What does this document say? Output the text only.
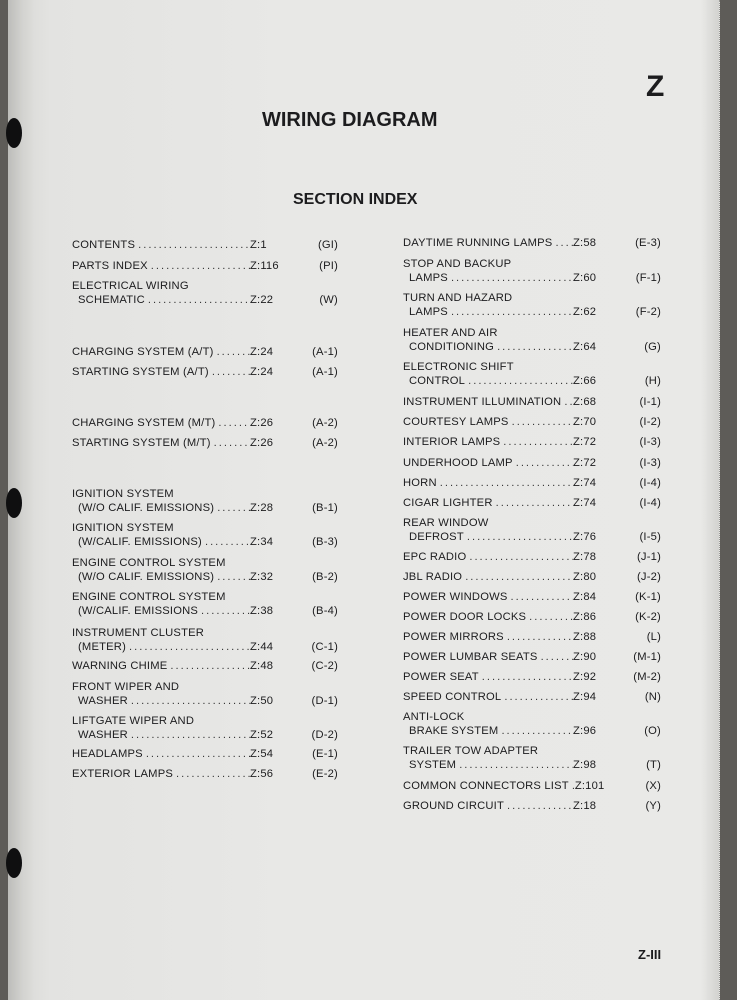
Z
WIRING DIAGRAM
SECTION INDEX
CONTENTS .....	Z:1	(GI)
PARTS INDEX .....	Z:116	(PI)
ELECTRICAL WIRING
SCHEMATIC .....	Z:22	(W)
CHARGING SYSTEM (A/T) .....	Z:24	(A-1)
STARTING SYSTEM (A/T) .....	Z:24	(A-1)
CHARGING SYSTEM (M/T) .....	Z:26	(A-2)
STARTING SYSTEM (M/T) .....	Z:26	(A-2)
IGNITION SYSTEM
(W/O CALIF. EMISSIONS) .....	Z:28	(B-1)
IGNITION SYSTEM
(W/CALIF. EMISSIONS) .....	Z:34	(B-3)
ENGINE CONTROL SYSTEM
(W/O CALIF. EMISSIONS) .....	Z:32	(B-2)
ENGINE CONTROL SYSTEM
(W/CALIF. EMISSIONS .....	Z:38	(B-4)
INSTRUMENT CLUSTER
(METER) .....	Z:44	(C-1)
WARNING CHIME .....	Z:48	(C-2)
FRONT WIPER AND
WASHER .....	Z:50	(D-1)
LIFTGATE WIPER AND
WASHER .....	Z:52	(D-2)
HEADLAMPS .....	Z:54	(E-1)
EXTERIOR LAMPS .....	Z:56	(E-2)
DAYTIME RUNNING LAMPS ..... Z:58	(E-3)
STOP AND BACKUP
LAMPS .....	Z:60	(F-1)
TURN AND HAZARD
LAMPS .....	Z:62	(F-2)
HEATER AND AIR
CONDITIONING .....	Z:64	(G)
ELECTRONIC SHIFT
CONTROL .....	Z:66	(H)
INSTRUMENT ILLUMINATION ..... Z:68	(I-1)
COURTESY LAMPS .....	Z:70	(I-2)
INTERIOR LAMPS .....	Z:72	(I-3)
UNDERHOOD LAMP .....	Z:72	(I-3)
HORN .....	Z:74	(I-4)
CIGAR LIGHTER .....	Z:74	(I-4)
REAR WINDOW
DEFROST .....	Z:76	(I-5)
EPC RADIO .....	Z:78	(J-1)
JBL RADIO .....	Z:80	(J-2)
POWER WINDOWS .....	Z:84	(K-1)
POWER DOOR LOCKS .....	Z:86	(K-2)
POWER MIRRORS .....	Z:88	(L)
POWER LUMBAR SEATS .....	Z:90	(M-1)
POWER SEAT .....	Z:92	(M-2)
SPEED CONTROL .....	Z:94	(N)
ANTI-LOCK
BRAKE SYSTEM .....	Z:96	(O)
TRAILER TOW ADAPTER
SYSTEM .....	Z:98	(T)
COMMON CONNECTORS LIST ..... Z:101	(X)
GROUND CIRCUIT .....	Z:18	(Y)
Z-III
